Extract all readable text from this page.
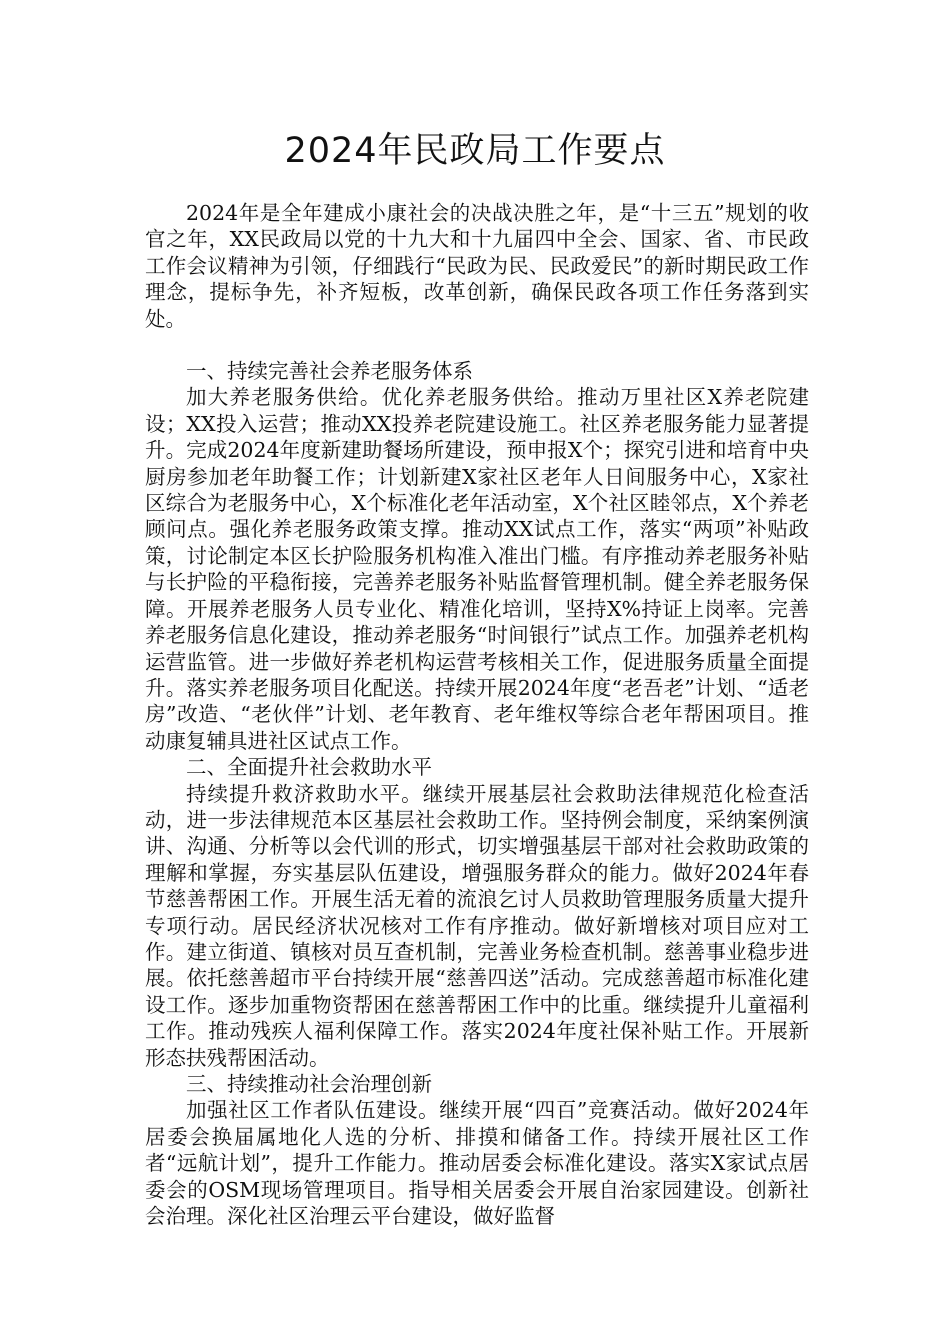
2024年民政局工作要点

2024年是全年建成小康社会的决战决胜之年，是“十三五”规划的收官之年，XX民政局以党的十九大和十九届四中全会、国家、省、市民政工作会议精神为引领，仔细践行“民政为民、民政爱民”的新时期民政工作理念，提标争先，补齐短板，改革创新，确保民政各项工作任务落到实处。

一、持续完善社会养老服务体系

加大养老服务供给。优化养老服务供给。推动万里社区X养老院建设；XX投入运营；推动XX投养老院建设施工。社区养老服务能力显著提升。完成2024年度新建助餐场所建设，预申报X个；探究引进和培育中央厨房参加老年助餐工作；计划新建X家社区老年人日间服务中心，X家社区综合为老服务中心，X个标准化老年活动室，X个社区睦邻点，X个养老顾问点。强化养老服务政策支撑。推动XX试点工作，落实“两项”补贴政策，讨论制定本区长护险服务机构准入准出门槛。有序推动养老服务补贴与长护险的平稳衔接，完善养老服务补贴监督管理机制。健全养老服务保障。开展养老服务人员专业化、精准化培训，坚持X%持证上岗率。完善养老服务信息化建设，推动养老服务“时间银行”试点工作。加强养老机构运营监管。进一步做好养老机构运营考核相关工作，促进服务质量全面提升。落实养老服务项目化配送。持续开展2024年度“老吾老”计划、“适老房”改造、“老伙伴”计划、老年教育、老年维权等综合老年帮困项目。推动康复辅具进社区试点工作。

二、全面提升社会救助水平

持续提升救济救助水平。继续开展基层社会救助法律规范化检查活动，进一步法律规范本区基层社会救助工作。坚持例会制度，采纳案例演讲、沟通、分析等以会代训的形式，切实增强基层干部对社会救助政策的理解和掌握，夯实基层队伍建设，增强服务群众的能力。做好2024年春节慈善帮困工作。开展生活无着的流浪乞讨人员救助管理服务质量大提升专项行动。居民经济状况核对工作有序推动。做好新增核对项目应对工作。建立街道、镇核对员互查机制，完善业务检查机制。慈善事业稳步进展。依托慈善超市平台持续开展“慈善四送”活动。完成慈善超市标准化建设工作。逐步加重物资帮困在慈善帮困工作中的比重。继续提升儿童福利工作。推动残疾人福利保障工作。落实2024年度社保补贴工作。开展新形态扶残帮困活动。

三、持续推动社会治理创新

加强社区工作者队伍建设。继续开展“四百”竞赛活动。做好2024年居委会换届属地化人选的分析、排摸和储备工作。持续开展社区工作者“远航计划”，提升工作能力。推动居委会标准化建设。落实X家试点居委会的OSM现场管理项目。指导相关居委会开展自治家园建设。创新社会治理。深化社区治理云平台建设，做好监督
